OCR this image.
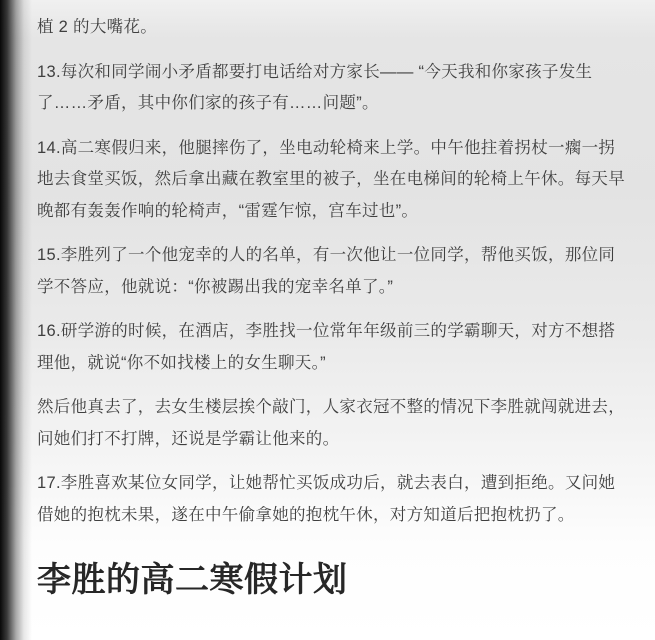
植 2 的大嘴花。

13.每次和同学闹小矛盾都要打电话给对方家长—— “今天我和你家孩子发生了……矛盾，其中你们家的孩子有……问题”。

14.高二寒假归来，他腿摔伤了，坐电动轮椅来上学。中午他拄着拐杖一瘸一拐地去食堂买饭，然后拿出藏在教室里的被子，坐在电梯间的轮椅上午休。每天早晚都有轰轰作响的轮椅声，“雷霆乍惊，宫车过也”。

15.李胜列了一个他宠幸的人的名单，有一次他让一位同学，帮他买饭，那位同学不答应，他就说：“你被踢出我的宠幸名单了。”

16.研学游的时候，在酒店，李胜找一位常年年级前三的学霸聊天，对方不想搭理他，就说“你不如找楼上的女生聊天。”

然后他真去了，去女生楼层挨个敲门，人家衣冠不整的情况下李胜就闯就进去，问她们打不打牌，还说是学霸让他来的。

17.李胜喜欢某位女同学，让她帮忙买饭成功后，就去表白，遭到拒绝。又问她借她的抱枕未果，遂在中午偷拿她的抱枕午休，对方知道后把抱枕扔了。

李胜的高二寒假计划
